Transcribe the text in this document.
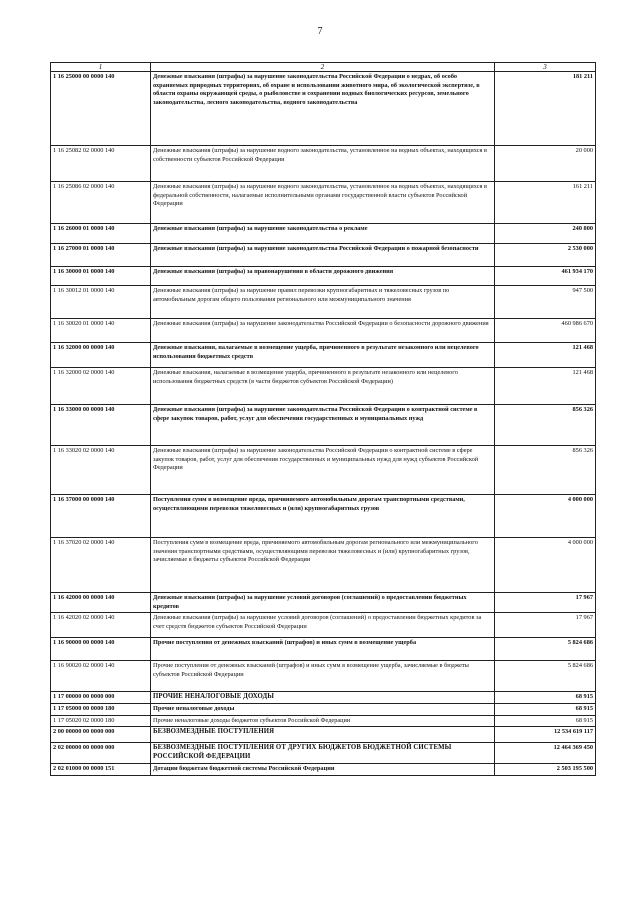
7
1	2	3
1 16 25000 00 0000 140	Денежные взыскания (штрафы) за нарушение законодательства Российской Федерации о недрах, об особо охраняемых природных территориях, об охране и использовании животного мира, об экологической экспертизе, в области охраны окружающей среды, о рыболовстве и сохранении водных биологических ресурсов, земельного законодательства, лесного законодательства, водного законодательства	181 211
1 16 25082 02 0000 140	Денежные взыскания (штрафы) за нарушение водного законодательства, установленное на водных объектах, находящихся в собственности субъектов Российской Федерации	20 000
1 16 25086 02 0000 140	Денежные взыскания (штрафы) за нарушение водного законодательства, установленное на водных объектах, находящихся в федеральной собственности, налагаемые исполнительными органами государственной власти субъектов Российской Федерации	161 211
1 16 26000 01 0000 140	Денежные взыскания (штрафы) за нарушение законодательства о рекламе	240 800
1 16 27000 01 0000 140	Денежные взыскания (штрафы) за нарушение законодательства Российской Федерации о пожарной безопасности	2 530 000
1 16 30000 01 0000 140	Денежные взыскания (штрафы) за правонарушения в области дорожного движения	461 934 170
1 16 30012 01 0000 140	Денежные взыскания (штрафы) за нарушение правил перевозки крупногабаритных и тяжеловесных грузов по автомобильным дорогам общего пользования регионального или межмуниципального значения	947 500
1 16 30020 01 0000 140	Денежные взыскания (штрафы) за нарушение законодательства Российской Федерации о безопасности дорожного движения	460 986 670
1 16 32000 00 0000 140	Денежные взыскания, налагаемые в возмещение ущерба, причиненного в результате незаконного или нецелевого использования бюджетных средств	121 468
1 16 32000 02 0000 140	Денежные взыскания, налагаемые в возмещение ущерба, причиненного в результате незаконного или нецелевого использования бюджетных средств (в части бюджетов субъектов Российской Федерации)	121 468
1 16 33000 00 0000 140	Денежные взыскания (штрафы) за нарушение законодательства Российской Федерации о контрактной системе в сфере закупок товаров, работ, услуг для обеспечения государственных и муниципальных нужд	856 326
1 16 33020 02 0000 140	Денежные взыскания (штрафы) за нарушение законодательства Российской Федерации о контрактной системе в сфере закупок товаров, работ, услуг для обеспечения государственных и муниципальных нужд для нужд субъектов Российской Федерации	856 326
1 16 37000 00 0000 140	Поступления сумм в возмещение вреда, причиняемого автомобильным дорогам транспортными средствами, осуществляющими перевозки тяжеловесных и (или) крупногабаритных грузов	4 000 000
1 16 37020 02 0000 140	Поступления сумм в возмещение вреда, причиняемого автомобильным дорогам регионального или межмуниципального значения транспортными средствами, осуществляющими перевозки тяжеловесных и (или) крупногабаритных грузов, зачисляемые в бюджеты субъектов Российской Федерации	4 000 000
1 16 42000 00 0000 140	Денежные взыскания (штрафы) за нарушение условий договоров (соглашений) о предоставлении бюджетных кредитов	17 967
1 16 42020 02 0000 140	Денежные взыскания (штрафы) за нарушение условий договоров (соглашений) о предоставлении бюджетных кредитов за счет средств бюджетов субъектов Российской Федерации	17 967
1 16 90000 00 0000 140	Прочие поступления от денежных взысканий (штрафов) и иных сумм в возмещение ущерба	5 824 686
1 16 90020 02 0000 140	Прочие поступления от денежных взысканий (штрафов) и иных сумм в возмещение ущерба, зачисляемые в бюджеты субъектов Российской Федерации	5 824 686
1 17 00000 00 0000 000	ПРОЧИЕ НЕНАЛОГОВЫЕ ДОХОДЫ	68 915
1 17 05000 00 0000 180	Прочие неналоговые доходы	68 915
1 17 05020 02 0000 180	Прочие неналоговые доходы бюджетов субъектов Российской Федерации	68 915
2 00 00000 00 0000 000	БЕЗВОЗМЕЗДНЫЕ ПОСТУПЛЕНИЯ	12 534 619 117
2 02 00000 00 0000 000	БЕЗВОЗМЕЗДНЫЕ ПОСТУПЛЕНИЯ ОТ ДРУГИХ БЮДЖЕТОВ БЮДЖЕТНОЙ СИСТЕМЫ РОССИЙСКОЙ ФЕДЕРАЦИИ	12 464 369 450
2 02 01000 00 0000 151	Дотации бюджетам бюджетной системы Российской Федерации	2 503 195 500
